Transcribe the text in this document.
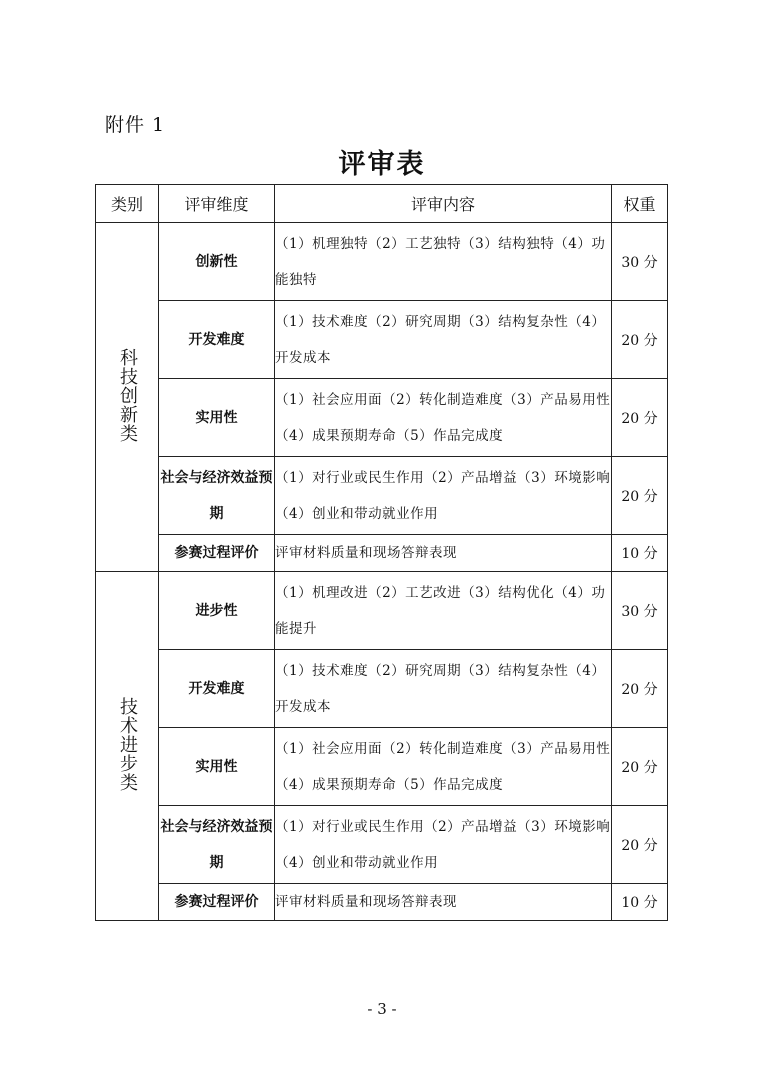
附件 1
评审表
类别	评审维度	评审内容	权重
科技创新类	创新性	（1）机理独特（2）工艺独特（3）结构独特（4）功能独特	30 分
	开发难度	（1）技术难度（2）研究周期（3）结构复杂性（4）开发成本	20 分
	实用性	（1）社会应用面（2）转化制造难度（3）产品易用性（4）成果预期寿命（5）作品完成度	20 分
	社会与经济效益预期	（1）对行业或民生作用（2）产品增益（3）环境影响（4）创业和带动就业作用	20 分
	参赛过程评价	评审材料质量和现场答辩表现	10 分
技术进步类	进步性	（1）机理改进（2）工艺改进（3）结构优化（4）功能提升	30 分
	开发难度	（1）技术难度（2）研究周期（3）结构复杂性（4）开发成本	20 分
	实用性	（1）社会应用面（2）转化制造难度（3）产品易用性（4）成果预期寿命（5）作品完成度	20 分
	社会与经济效益预期	（1）对行业或民生作用（2）产品增益（3）环境影响（4）创业和带动就业作用	20 分
	参赛过程评价	评审材料质量和现场答辩表现	10 分
- 3 -
